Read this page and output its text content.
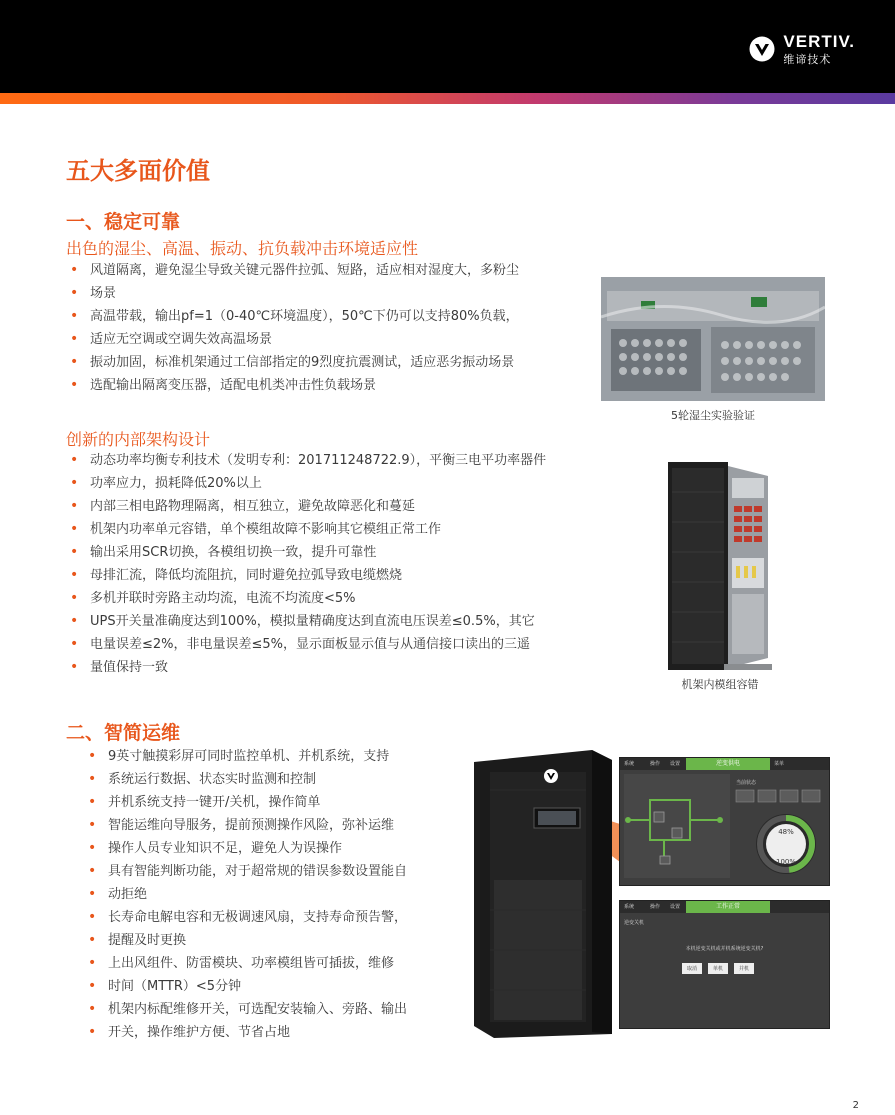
VERTIV.
维谛技术
五大多面价值
一、稳定可靠
出色的湿尘、高温、振动、抗负载冲击环境适应性
• 风道隔离，避免湿尘导致关键元器件拉弧、短路，适应相对湿度大，多粉尘
• 场景
• 高温带载，输出pf=1（0-40℃环境温度），50℃下仍可以支持80%负载，
• 适应无空调或空调失效高温场景
• 振动加固，标准机架通过工信部指定的9烈度抗震测试，适应恶劣振动场景
• 选配输出隔离变压器，适配电机类冲击性负载场景
创新的内部架构设计
• 动态功率均衡专利技术（发明专利：201711248722.9），平衡三电平功率器件
• 功率应力，损耗降低20%以上
• 内部三相电路物理隔离，相互独立，避免故障恶化和蔓延
• 机架内功率单元容错，单个模组故障不影响其它模组正常工作
• 输出采用SCR切换，各模组切换一致，提升可靠性
• 母排汇流，降低均流阻抗，同时避免拉弧导致电缆燃烧
• 多机并联时旁路主动均流，电流不均流度<5%
• UPS开关量准确度达到100%，模拟量精确度达到直流电压误差≤0.5%，其它
• 电量误差≤2%，非电量误差≤5%，显示面板显示值与从通信接口读出的三遥
• 量值保持一致
5轮湿尘实验验证
机架内模组容错
二、智简运维
• 9英寸触摸彩屏可同时监控单机、并机系统，支持
• 系统运行数据、状态实时监测和控制
• 并机系统支持一键开/关机，操作简单
• 智能运维向导服务，提前预测操作风险，弥补运维
• 操作人员专业知识不足，避免人为误操作
• 具有智能判断功能，对于超常规的错误参数设置能自
• 动拒绝
• 长寿命电解电容和无极调速风扇，支持寿命预告警，
• 提醒及时更换
• 上出风组件、防雷模块、功率模组皆可插拔，维修
• 时间（MTTR）<5分钟
• 机架内标配维修开关，可选配安装输入、旁路、输出
• 开关，操作维护方便、节省占地
系统	操作 设置	逆变供电	菜单
当前状态
48%
100%
系统	操作 设置	工作正常
逆变关机
本机逆变关机或并机系统逆变关机?
取消	单机	并机
2
